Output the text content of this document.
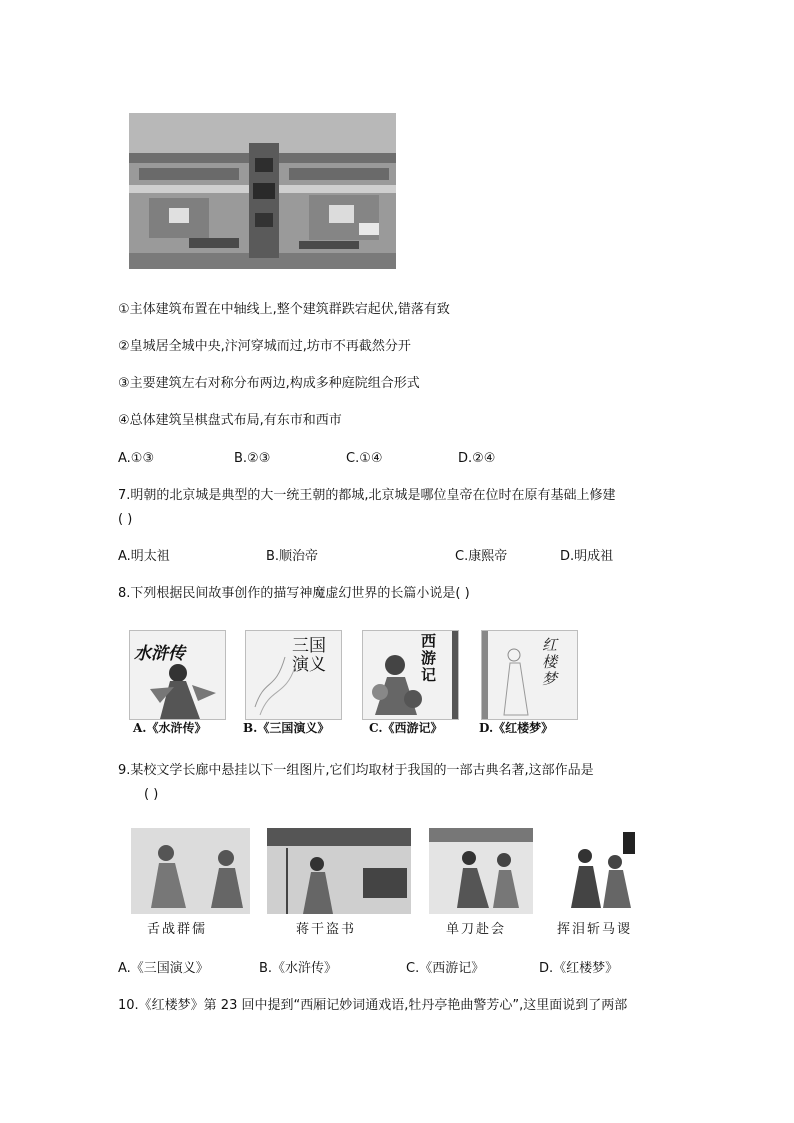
①主体建筑布置在中轴线上,整个建筑群跌宕起伏,错落有致
②皇城居全城中央,汴河穿城而过,坊市不再截然分开
③主要建筑左右对称分布两边,构成多种庭院组合形式
④总体建筑呈棋盘式布局,有东市和西市
A.①③	B.②③	C.①④	D.②④
7.明朝的北京城是典型的大一统王朝的都城,北京城是哪位皇帝在位时在原有基础上修建
( )
A.明太祖	B.顺治帝	C.康熙帝	D.明成祖
8.下列根据民间故事创作的描写神魔虚幻世界的长篇小说是( )
水浒传	三国演义
西游记
红楼梦
A.《水浒传》	B.《三国演义》	C.《西游记》	D.《红楼梦》
9.某校文学长廊中悬挂以下一组图片,它们均取材于我国的一部古典名著,这部作品是
( )
舌战群儒	蒋干盗书	单刀赴会	挥泪斩马谡
A.《三国演义》	B.《水浒传》	C.《西游记》	D.《红楼梦》
10.《红楼梦》第 23 回中提到“西厢记妙词通戏语,牡丹亭艳曲警芳心”,这里面说到了两部
